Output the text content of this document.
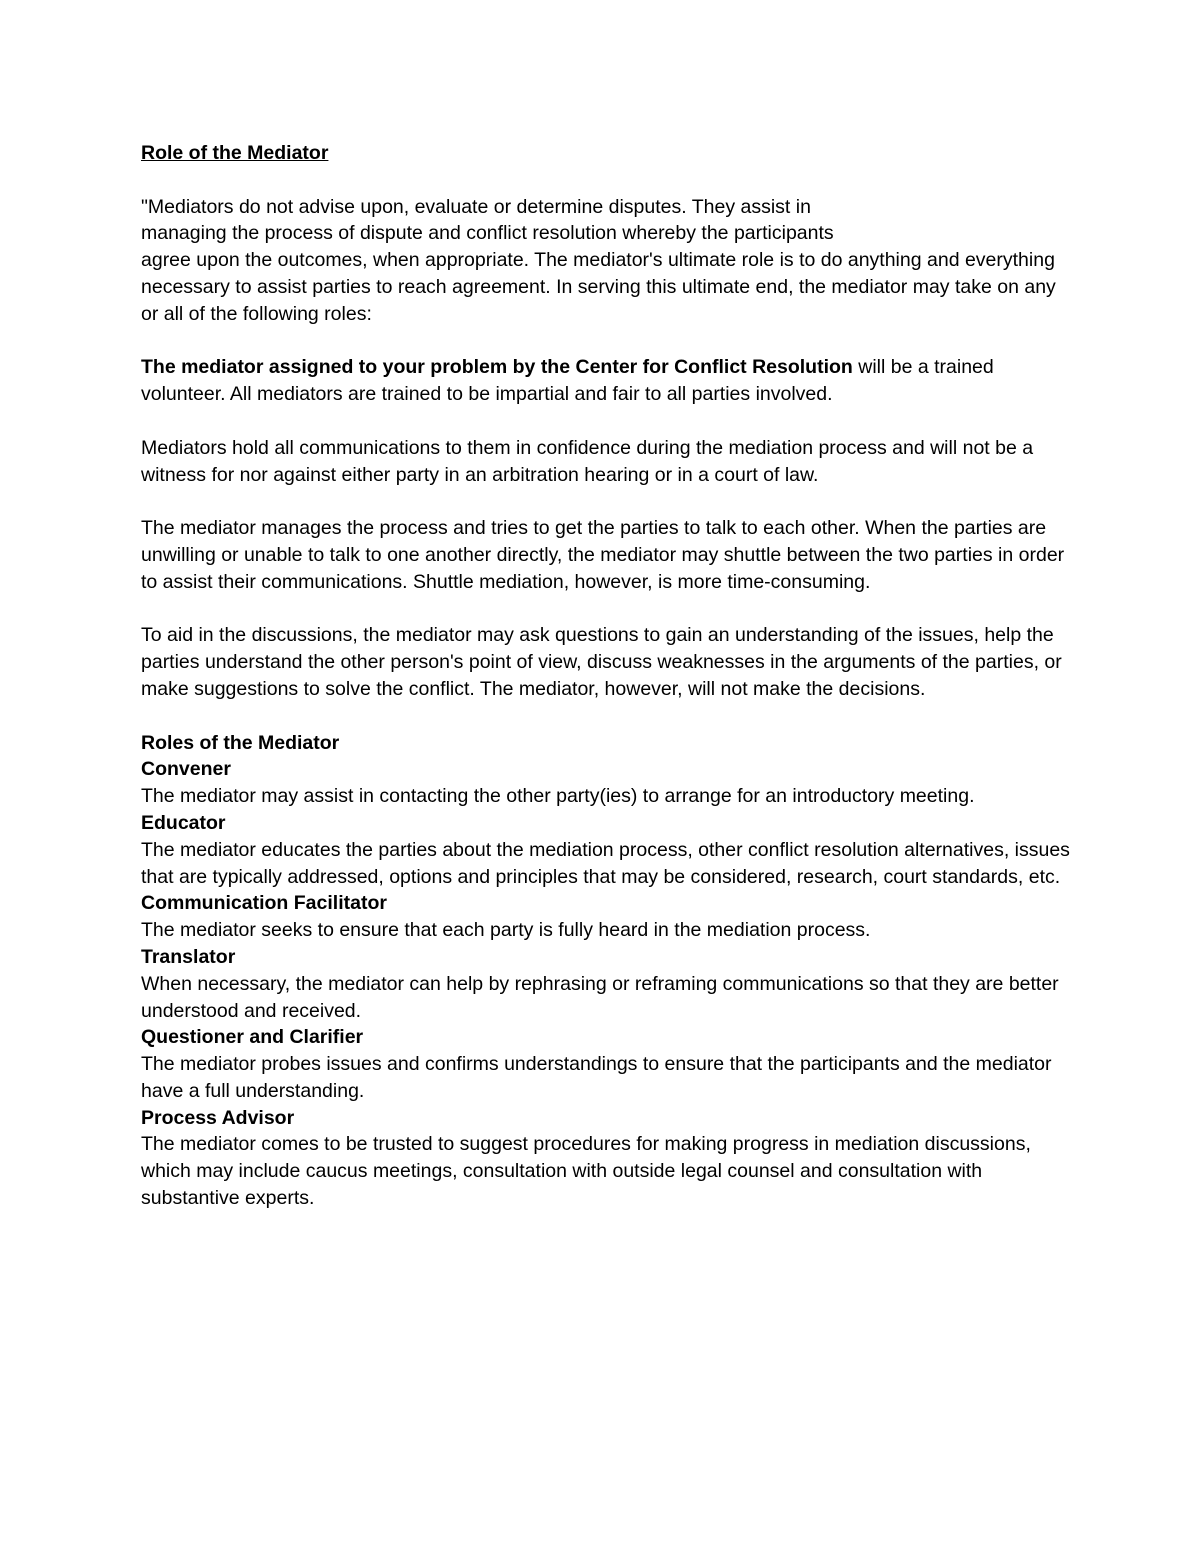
Role of the Mediator

"Mediators do not advise upon, evaluate or determine disputes. They assist in
managing the process of dispute and conflict resolution whereby the participants
agree upon the outcomes, when appropriate. The mediator's ultimate role is to do anything and everything necessary to assist parties to reach agreement. In serving this ultimate end, the mediator may take on any or all of the following roles:

The mediator assigned to your problem by the Center for Conflict Resolution will be a trained volunteer. All mediators are trained to be impartial and fair to all parties involved.

Mediators hold all communications to them in confidence during the mediation process and will not be a witness for nor against either party in an arbitration hearing or in a court of law.

The mediator manages the process and tries to get the parties to talk to each other. When the parties are unwilling or unable to talk to one another directly, the mediator may shuttle between the two parties in order to assist their communications. Shuttle mediation, however, is more time-consuming.

To aid in the discussions, the mediator may ask questions to gain an understanding of the issues, help the parties understand the other person's point of view, discuss weaknesses in the arguments of the parties, or make suggestions to solve the conflict. The mediator, however, will not make the decisions.

Roles of the Mediator

Convener

The mediator may assist in contacting the other party(ies) to arrange for an introductory meeting.

Educator

The mediator educates the parties about the mediation process, other conflict resolution alternatives, issues that are typically addressed, options and principles that may be considered, research, court standards, etc.

Communication Facilitator

The mediator seeks to ensure that each party is fully heard in the mediation process.

Translator

When necessary, the mediator can help by rephrasing or reframing communications so that they are better understood and received.

Questioner and Clarifier

The mediator probes issues and confirms understandings to ensure that the participants and the mediator have a full understanding.

Process Advisor

The mediator comes to be trusted to suggest procedures for making progress in mediation discussions, which may include caucus meetings, consultation with outside legal counsel and consultation with substantive experts.
